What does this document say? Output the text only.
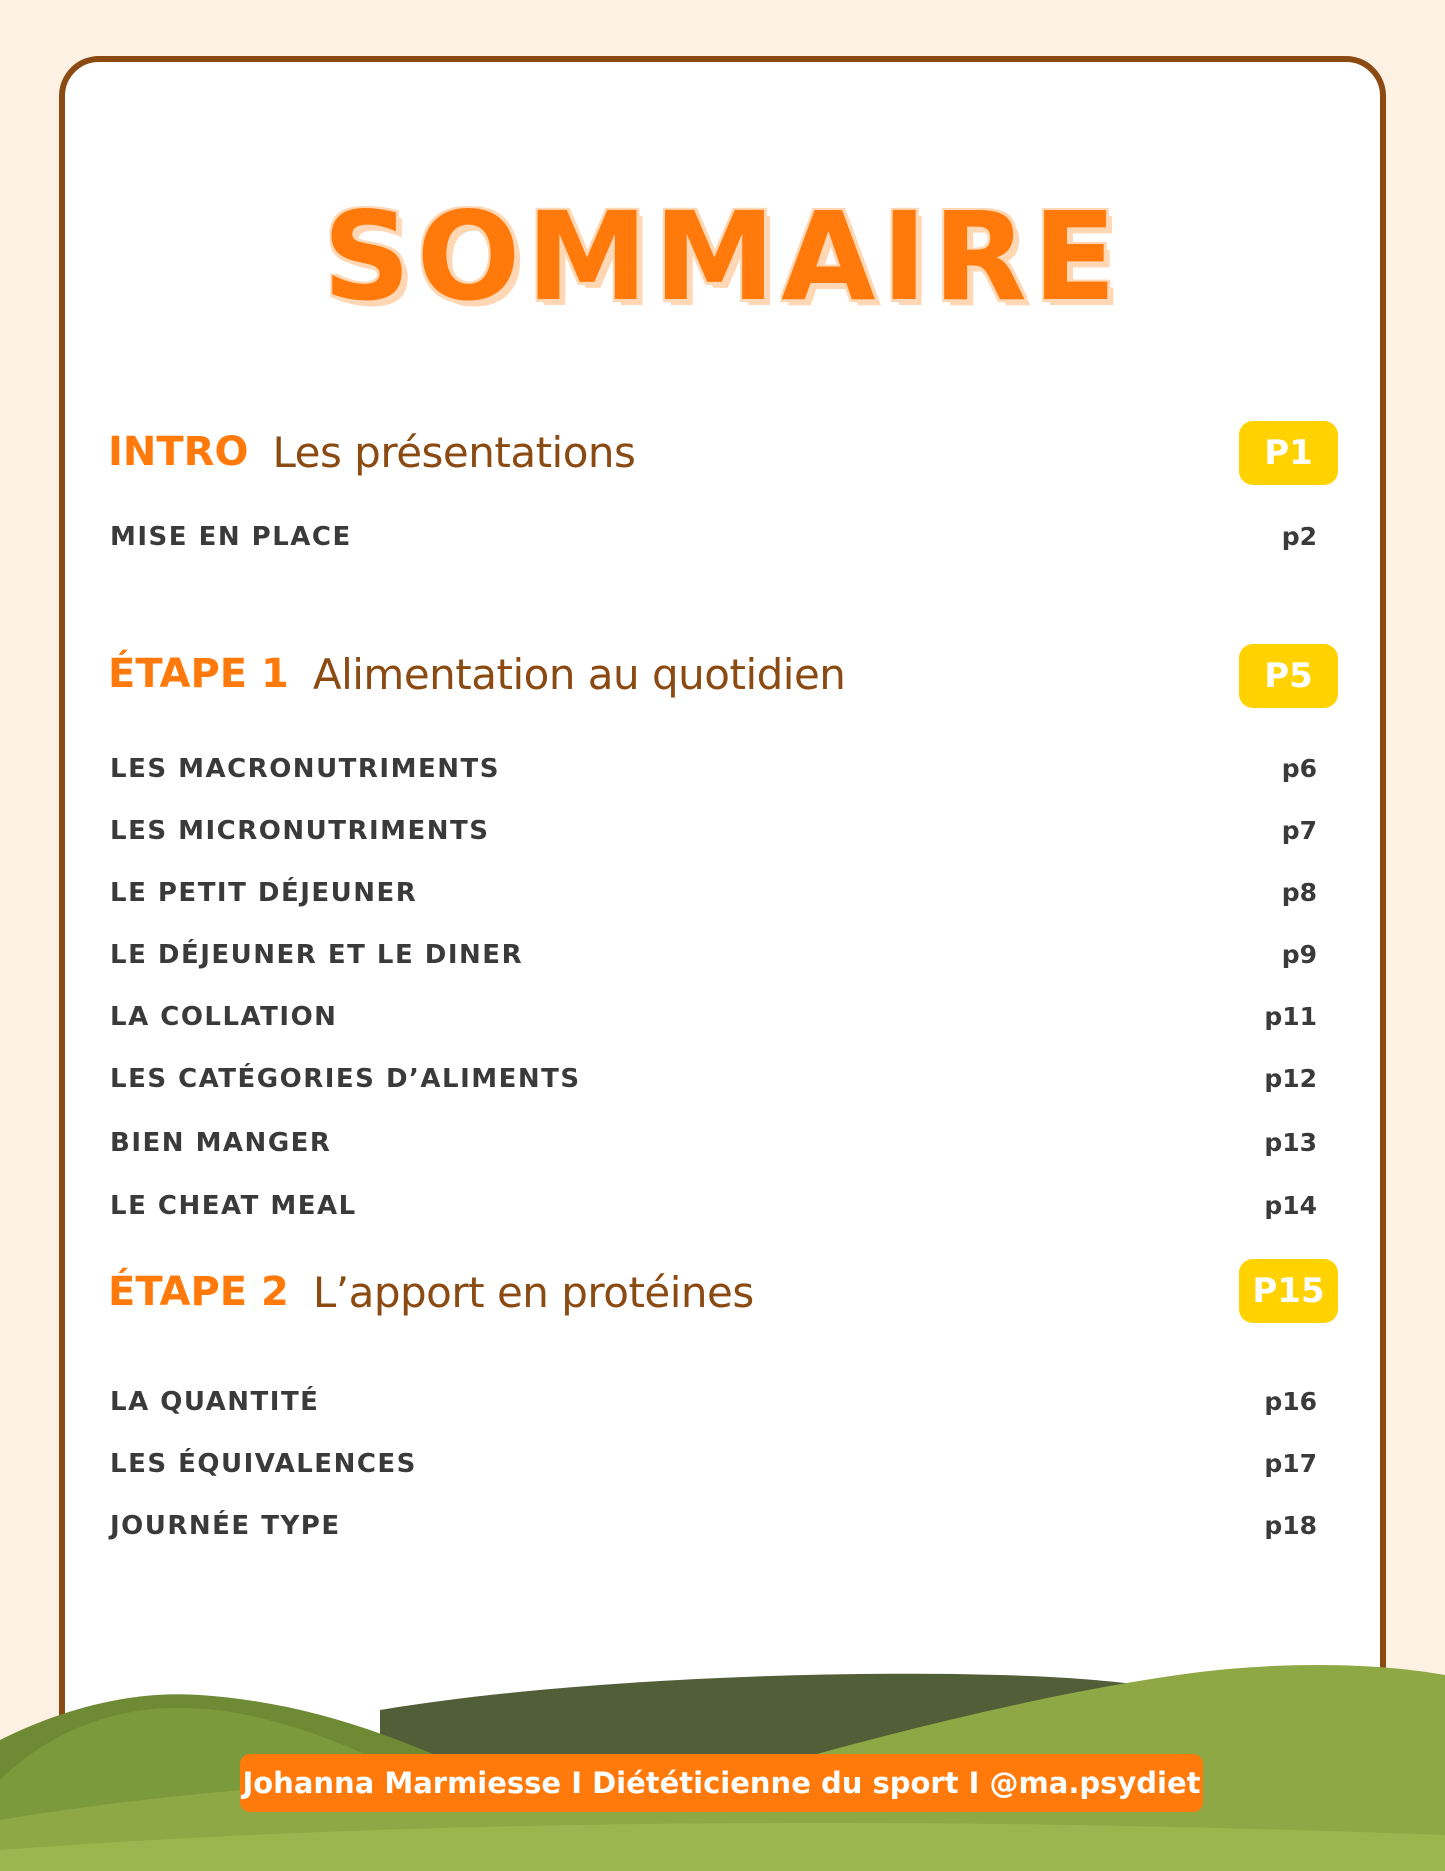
SOMMAIRE
INTRO Les présentations	P1
MISE EN PLACE	p2
ÉTAPE 1 Alimentation au quotidien	P5
LES MACRONUTRIMENTS	p6
LES MICRONUTRIMENTS	p7
LE PETIT DÉJEUNER	p8
LE DÉJEUNER ET LE DINER	p9
LA COLLATION	p11
LES CATÉGORIES D’ALIMENTS	p12
BIEN MANGER	p13
LE CHEAT MEAL	p14
ÉTAPE 2 L’apport en protéines	P15
LA QUANTITÉ	p16
LES ÉQUIVALENCES	p17
JOURNÉE TYPE	p18
Johanna Marmiesse I Diététicienne du sport I @ma.psydiet
